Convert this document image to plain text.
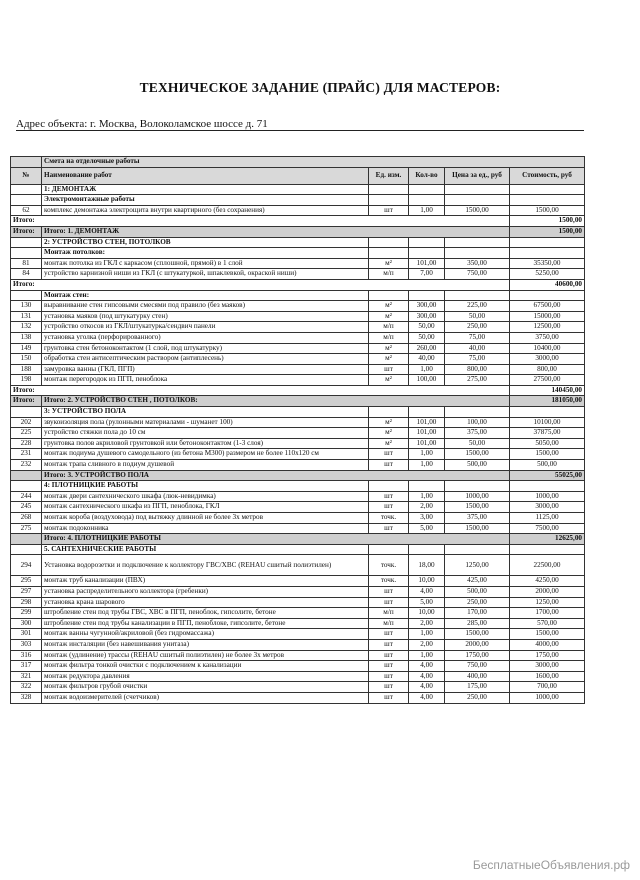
ТЕХНИЧЕСКОЕ ЗАДАНИЕ (ПРАЙС) ДЛЯ МАСТЕРОВ:
Адрес объекта: г. Москва, Волоколамское шоссе д. 71
	Смета на отделочные работы				
№	Наименование работ	Ед. изм.	Кол-во	Цена за ед., руб	Стоимость, руб
	1: ДЕМОНТАЖ				
	Электромонтажные работы				
62	комплекс демонтажа электрощита внутри квартирного (без сохранения)	шт	1,00	1500,00	1500,00
Итого:					1500,00
Итого:	Итого: 1. ДЕМОНТАЖ				1500,00
	2: УСТРОЙСТВО СТЕН, ПОТОЛКОВ				
	Монтаж потолков:				
81	монтаж потолка из ГКЛ с каркасом (сплошной, прямой) в 1 слой	м²	101,00	350,00	35350,00
84	устройство карнизной ниши из ГКЛ (с штукатуркой, шпаклевкой, окраской ниши)	м/п	7,00	750,00	5250,00
Итого:					40600,00
	Монтаж стен:				
130	выравнивание стен гипсовыми смесями под правило (без маяков)	м²	300,00	225,00	67500,00
131	установка маяков (под штукатурку стен)	м²	300,00	50,00	15000,00
132	устройство откосов из ГКЛ/штукатурка/сендвич панели	м/п	50,00	250,00	12500,00
138	установка уголка (перфорированного)	м/п	50,00	75,00	3750,00
149	грунтовка стен бетоноконтактом (1 слой, под штукатурку)	м²	260,00	40,00	10400,00
150	обработка стен антисептическим раствором (антиплесень)	м²	40,00	75,00	3000,00
188	замуровка ванны (ГКЛ, ПГП)	шт	1,00	800,00	800,00
198	монтаж перегородок из ПГП, пеноблока	м²	100,00	275,00	27500,00
Итого:					140450,00
Итого:	Итого: 2. УСТРОЙСТВО СТЕН , ПОТОЛКОВ:				181050,00
	3: УСТРОЙСТВО ПОЛА				
202	звукоизоляция пола (рулонными материалами - шуманет 100)	м²	101,00	100,00	10100,00
225	устройство стяжки пола до 10 см	м²	101,00	375,00	37875,00
228	грунтовка полов акриловой грунтовкой или бетоноконтактом (1-3 слоя)	м²	101,00	50,00	5050,00
231	монтаж подиума душевого самодельного (из бетона М300) размером не более 110х120 см	шт	1,00	1500,00	1500,00
232	монтаж трапа сливного в подиум душевой	шт	1,00	500,00	500,00
	Итого: 3. УСТРОЙСТВО ПОЛА				55025,00
	4: ПЛОТНИЦКИЕ РАБОТЫ				
244	монтаж двери сантехнического шкафа (люк-невидимка)	шт	1,00	1000,00	1000,00
245	монтаж сантехнического шкафа из ПГП, пеноблока, ГКЛ	шт	2,00	1500,00	3000,00
268	монтаж короба (воздуховода) под вытяжку длинной не более 3х метров	точк.	3,00	375,00	1125,00
275	монтаж подоконника	шт	5,00	1500,00	7500,00
	Итого: 4. ПЛОТНИЦКИЕ РАБОТЫ				12625,00
	5. САНТЕХНИЧЕСКИЕ РАБОТЫ				
294	Установка водорозетки и подключение к коллектору ГВС/ХВС (REHAU сшитый полиэтилен)	точк.	18,00	1250,00	22500,00
295	монтаж труб канализации (ПВХ)	точк.	10,00	425,00	4250,00
297	установка распределительного коллектора (гребенки)	шт	4,00	500,00	2000,00
298	установка крана шарового	шт	5,00	250,00	1250,00
299	штробление стен под трубы ГВС, ХВС в ПГП, пеноблок, гипсолите, бетоне	м/п	10,00	170,00	1700,00
300	штробление стен под трубы канализации в ПГП, пеноблоке, гипсолите, бетоне	м/п	2,00	285,00	570,00
301	монтаж ванны чугунной/акриловой (без гидромассажа)	шт	1,00	1500,00	1500,00
303	монтаж инсталяции (без навешивания унитаза)	шт	2,00	2000,00	4000,00
316	монтаж (удлинение) трассы (REHAU сшитый полиэтилен) не более 3х метров	шт	1,00	1750,00	1750,00
317	монтаж фильтра тонкой очистки с подключением к канализации	шт	4,00	750,00	3000,00
321	монтаж редуктора давления	шт	4,00	400,00	1600,00
322	монтаж фильтров грубой очистки	шт	4,00	175,00	700,00
328	монтаж водоизмерителей (счетчиков)	шт	4,00	250,00	1000,00
БесплатныеОбъявления.рф
